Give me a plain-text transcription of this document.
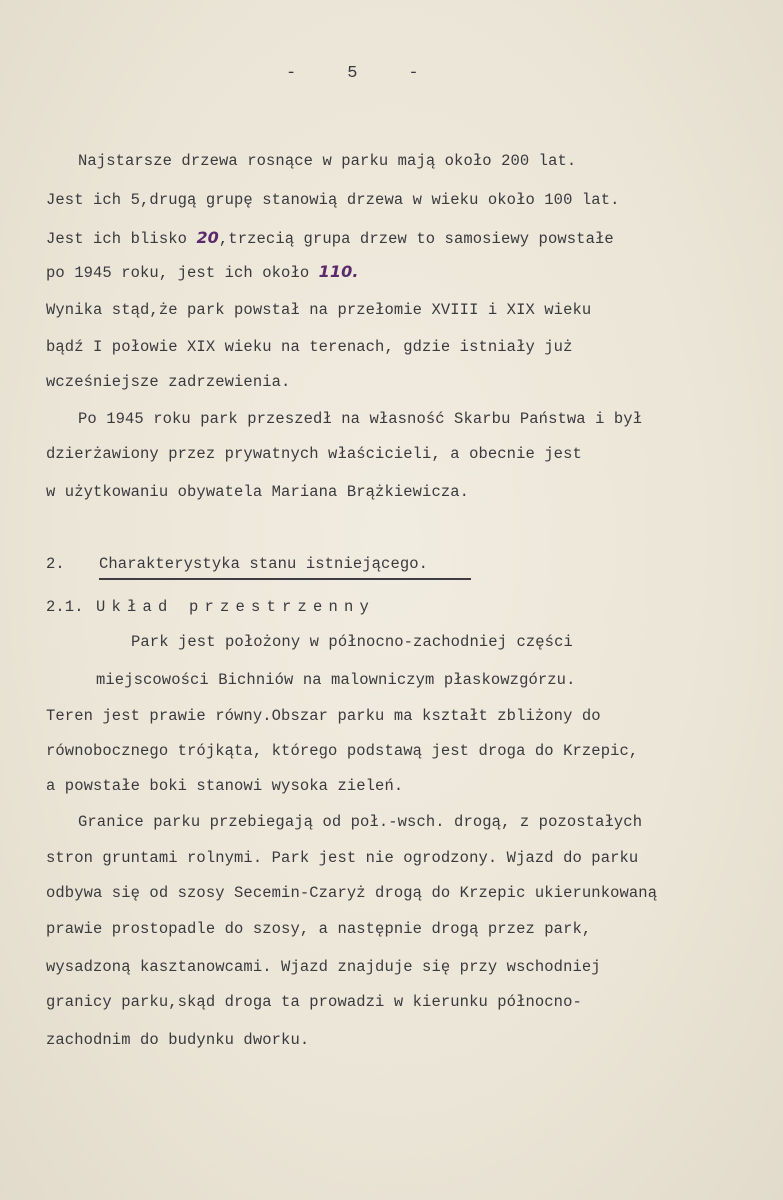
-     5     -
Najstarsze drzewa rosnące w parku mają około 200 lat.
Jest ich 5,drugą grupę stanowią drzewa w wieku około 100 lat.
Jest ich blisko 20,trzecią grupa drzew to samosiewy powstałe
po 1945 roku, jest ich około 110.
Wynika stąd,że park powstał na przełomie XVIII i XIX wieku
bądź I połowie XIX wieku na terenach, gdzie istniały już
wcześniejsze zadrzewienia.
Po 1945 roku park przeszedł na własność Skarbu Państwa i był
dzierżawiony przez prywatnych właścicieli, a obecnie jest
w użytkowaniu obywatela Mariana Brążkiewicza.
2. Charakterystyka stanu istniejącego.
2.1. Układ przestrzenny
Park jest położony w północno-zachodniej części
miejscowości Bichniów na malowniczym płaskowzgórzu.
Teren jest prawie równy.Obszar parku ma kształt zbliżony do
równobocznego trójkąta, którego podstawą jest droga do Krzepic,
a powstałe boki stanowi wysoka zieleń.
Granice parku przebiegają od poł.-wsch. drogą, z pozostałych
stron gruntami rolnymi. Park jest nie ogrodzony. Wjazd do parku
odbywa się od szosy Secemin-Czaryż drogą do Krzepic ukierunkowaną
prawie prostopadle do szosy, a następnie drogą przez park,
wysadzoną kasztanowcami. Wjazd znajduje się przy wschodniej
granicy parku,skąd droga ta prowadzi w kierunku północno-
zachodnim do budynku dworku.
